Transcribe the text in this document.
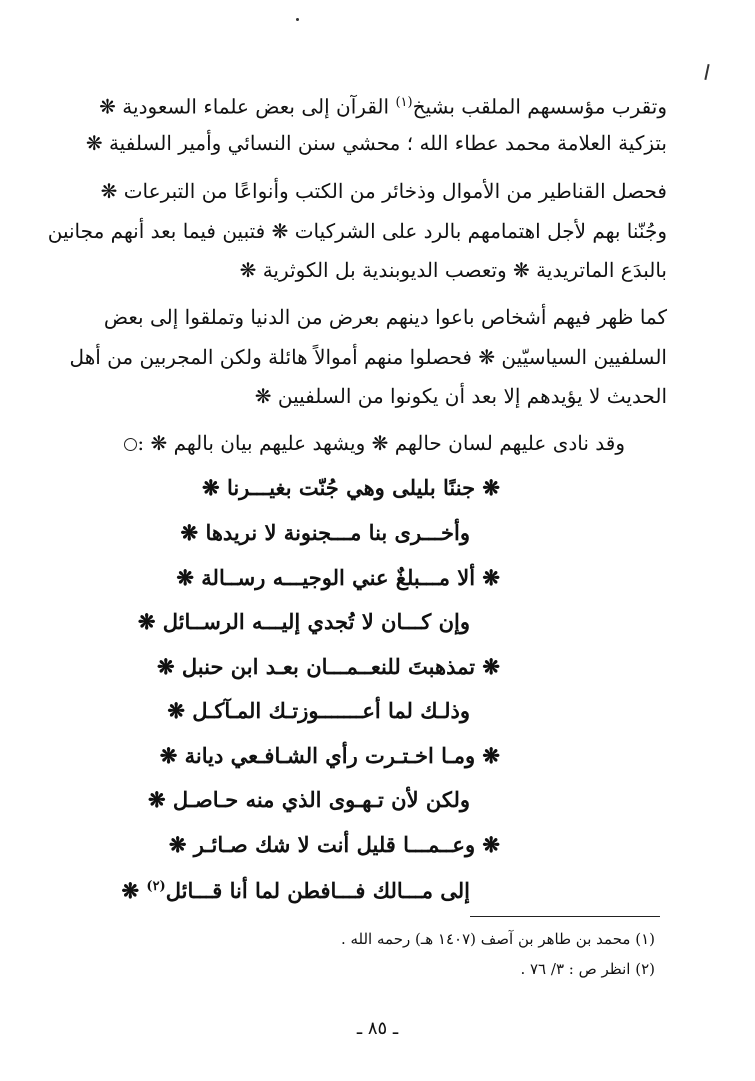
وتقرب مؤسسهم الملقب بشيخ$^{(١)}$ القرآن إلى بعض علماء السعودية ❋
بتزكية العلامة محمد عطاء الله ؛ محشي سنن النسائي وأمير السلفية ❋
فحصل القناطير من الأموال وذخائر من الكتب وأنواعًا من التبرعات ❋
وجُنّنا بهم لأجل اهتمامهم بالرد على الشركيات ❋ فتبين فيما بعد أنهم مجانين
بالبدَع الماتريدية ❋ وتعصب الديوبندية بل الكوثرية ❋
كما ظهر فيهم أشخاص باعوا دينهم بعرض من الدنيا وتملقوا إلى بعض
السلفيين السياسيّين ❋ فحصلوا منهم أموالاً هائلة ولكن المجربين من أهل
الحديث لا يؤيدهم إلا بعد أن يكونوا من السلفيين ❋
وقد نادى عليهم لسان حالهم ❋ ويشهد عليهم بيان بالهم ❋ :
❋ جننًا بليلى وهي جُنّت بغيـــرنا ❋
وأخـــرى بنا مـــجنونة لا نريدها ❋
❋ ألا مـــبلغٌ عني الوجيـــه رســالة ❋
وإن كـــان لا تُجدي إليـــه الرســائل ❋
❋ تمذهبتَ للنعــمـــان بعـد ابن حنبل ❋
وذلـك لما أعـــــــوزتـك المـآكـل ❋
❋ ومـا اخـتـرت رأي الشـافـعي ديانة ❋
ولكن لأن تـهـوى الذي منه حـاصـل ❋
❋ وعــمـــا قليل أنت لا شك صـائـر ❋
إلى مـــالك فـــافطن لما أنا قـــائل$^{(٢)}$ ❋
(١) محمد بن طاهر بن آصف (١٤٠٧ هـ) رحمه الله .
(٢) انظر ص : ٣/ ٧٦ .
ـ ٨٥ ـ
